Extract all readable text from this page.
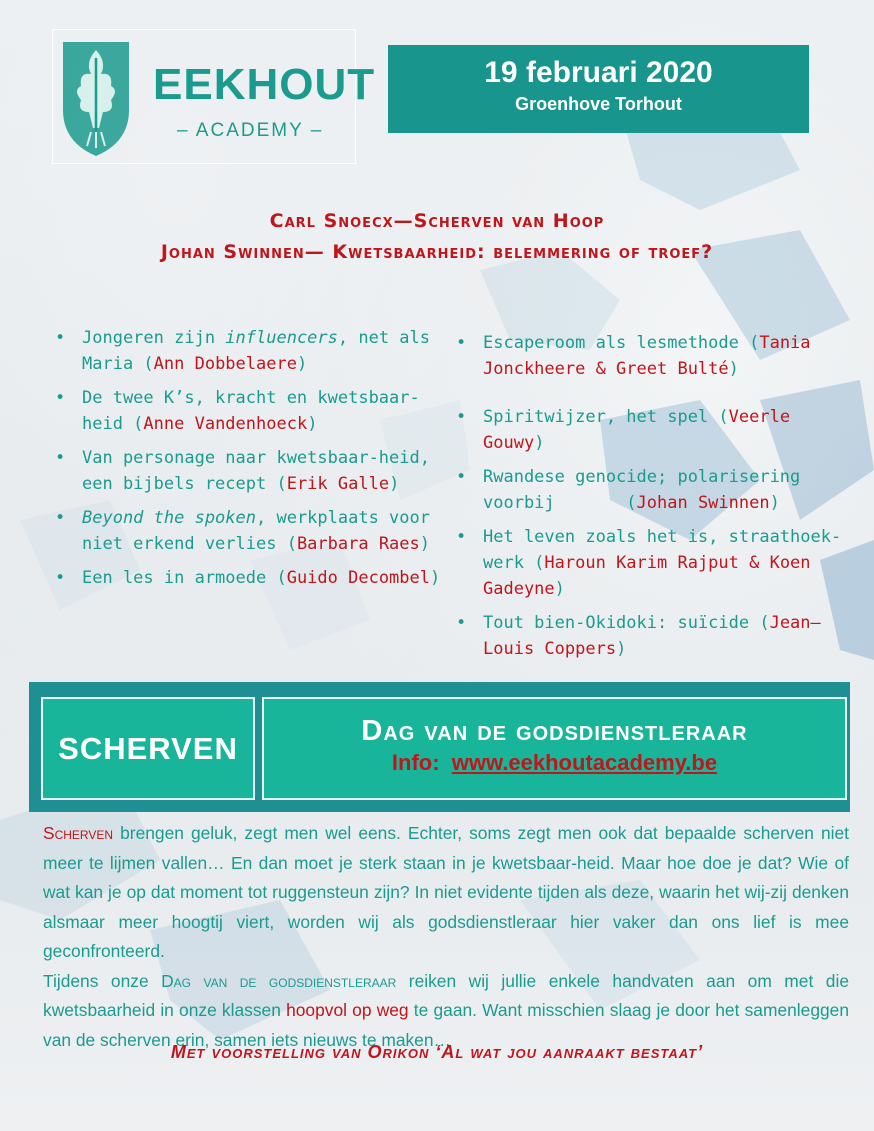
EEKHOUT
– ACADEMY –
19 februari 2020
Groenhove Torhout
Carl Snoecx—Scherven van Hoop
Johan Swinnen— Kwetsbaarheid: belemmering of troef?
• Jongeren zijn influencers, net als Maria (Ann Dobbelaere)
• De twee K’s, kracht en kwetsbaar-heid (Anne Vandenhoeck)
• Van personage naar kwetsbaar-heid, een bijbels recept (Erik Galle)
• Beyond the spoken, werkplaats voor niet erkend verlies (Barbara Raes)
• Een les in armoede (Guido Decombel)
• Escaperoom als lesmethode (Tania Jonckheere & Greet Bulté)
• Spiritwijzer, het spel (Veerle Gouwy)
• Rwandese genocide; polarisering voorbij       (Johan Swinnen)
• Het leven zoals het is, straathoek-werk (Haroun Karim Rajput & Koen Gadeyne)
• Tout bien-Okidoki: suïcide (Jean—Louis Coppers)
SCHERVEN	Dag van de godsdienstleraar
Info: www.eekhoutacademy.be
Scherven brengen geluk, zegt men wel eens. Echter, soms zegt men ook dat bepaalde scherven niet meer te lijmen vallen… En dan moet je sterk staan in je kwetsbaar-heid. Maar hoe doe je dat? Wie of wat kan je op dat moment tot ruggensteun zijn? In niet evidente tijden als deze, waarin het wij-zij denken alsmaar meer hoogtij viert, worden wij als godsdienstleraar hier vaker dan ons lief is mee geconfronteerd.
Tijdens onze Dag van de godsdienstleraar reiken wij jullie enkele handvaten aan om met die kwetsbaarheid in onze klassen hoopvol op weg te gaan. Want misschien slaag je door het samenleggen van de scherven erin, samen iets nieuws te maken…
Met voorstelling van Orikon ‘Al wat jou aanraakt bestaat’
